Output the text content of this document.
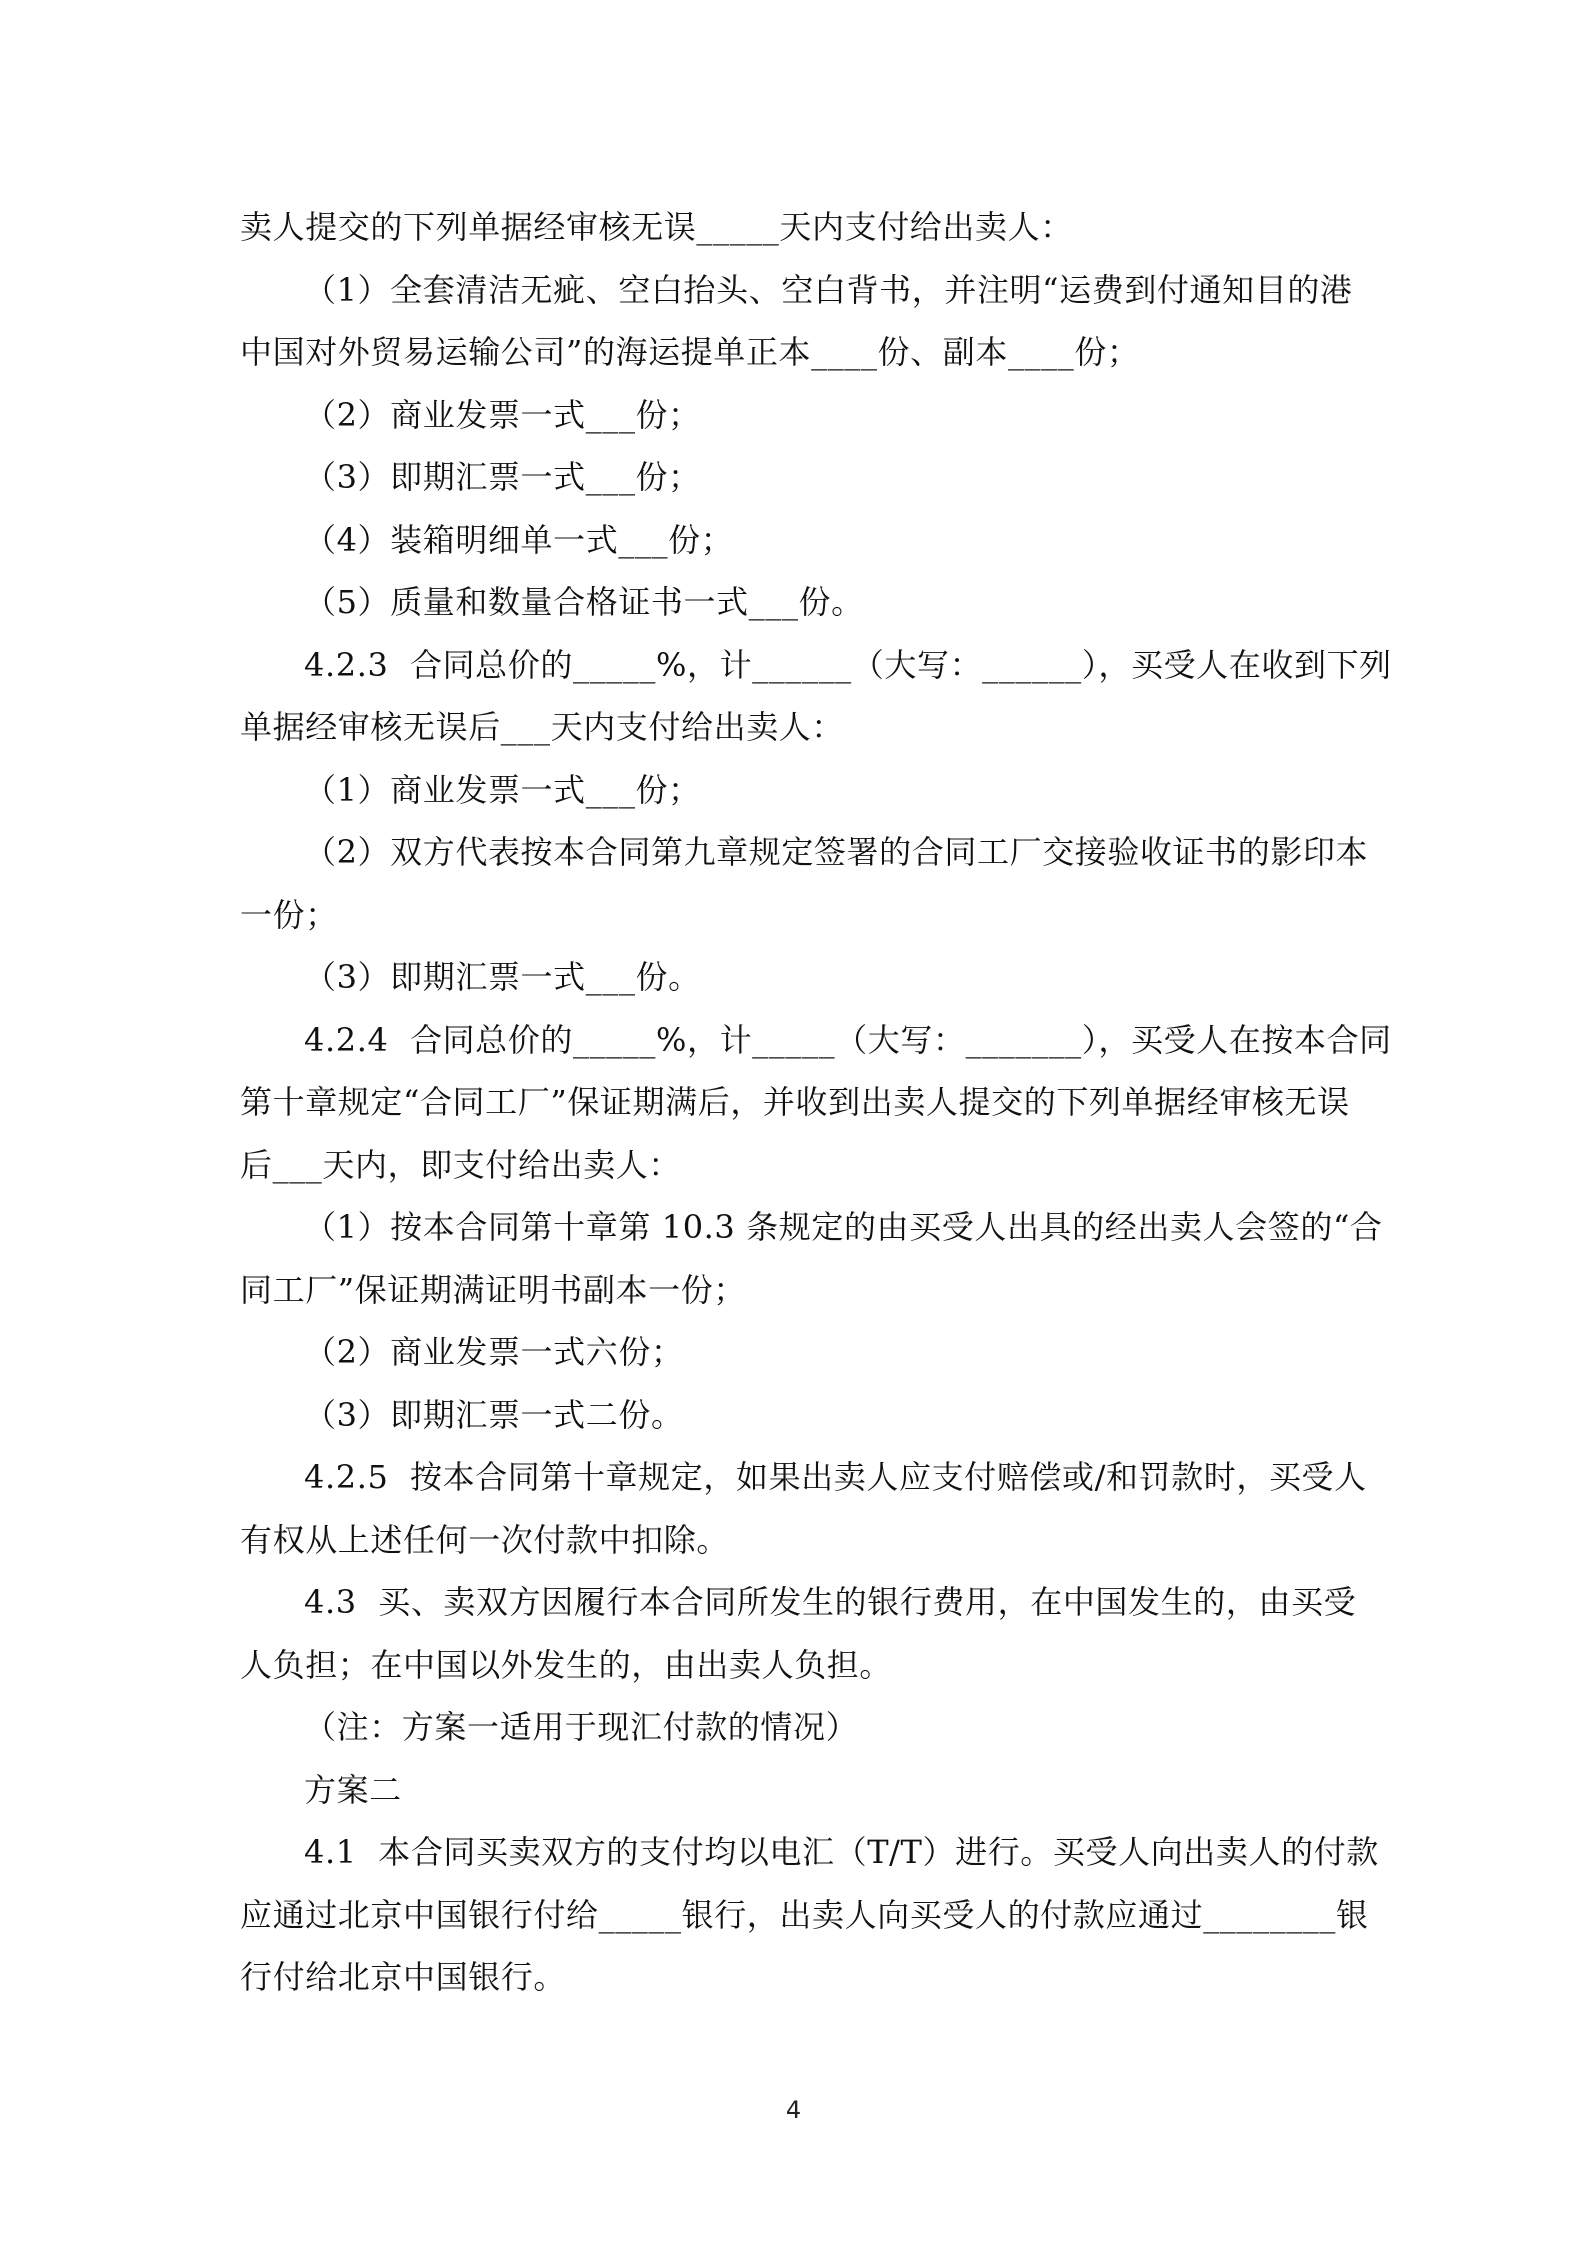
卖人提交的下列单据经审核无误_____天内支付给出卖人：
（1）全套清洁无疵、空白抬头、空白背书，并注明“运费到付通知目的港
中国对外贸易运输公司”的海运提单正本____份、副本____份；
（2）商业发票一式___份；
（3）即期汇票一式___份；
（4）装箱明细单一式___份；
（5）质量和数量合格证书一式___份。
4.2.3  合同总价的_____%，计______（大写：______），买受人在收到下列
单据经审核无误后___天内支付给出卖人：
（1）商业发票一式___份；
（2）双方代表按本合同第九章规定签署的合同工厂交接验收证书的影印本
一份；
（3）即期汇票一式___份。
4.2.4  合同总价的_____%，计_____（大写：_______），买受人在按本合同
第十章规定“合同工厂”保证期满后，并收到出卖人提交的下列单据经审核无误
后___天内，即支付给出卖人：
（1）按本合同第十章第 10.3 条规定的由买受人出具的经出卖人会签的“合
同工厂”保证期满证明书副本一份；
（2）商业发票一式六份；
（3）即期汇票一式二份。
4.2.5  按本合同第十章规定，如果出卖人应支付赔偿或/和罚款时，买受人
有权从上述任何一次付款中扣除。
4.3  买、卖双方因履行本合同所发生的银行费用，在中国发生的，由买受
人负担；在中国以外发生的，由出卖人负担。
（注：方案一适用于现汇付款的情况）
方案二
4.1  本合同买卖双方的支付均以电汇（T/T）进行。买受人向出卖人的付款
应通过北京中国银行付给_____银行，出卖人向买受人的付款应通过________银
行付给北京中国银行。
4
